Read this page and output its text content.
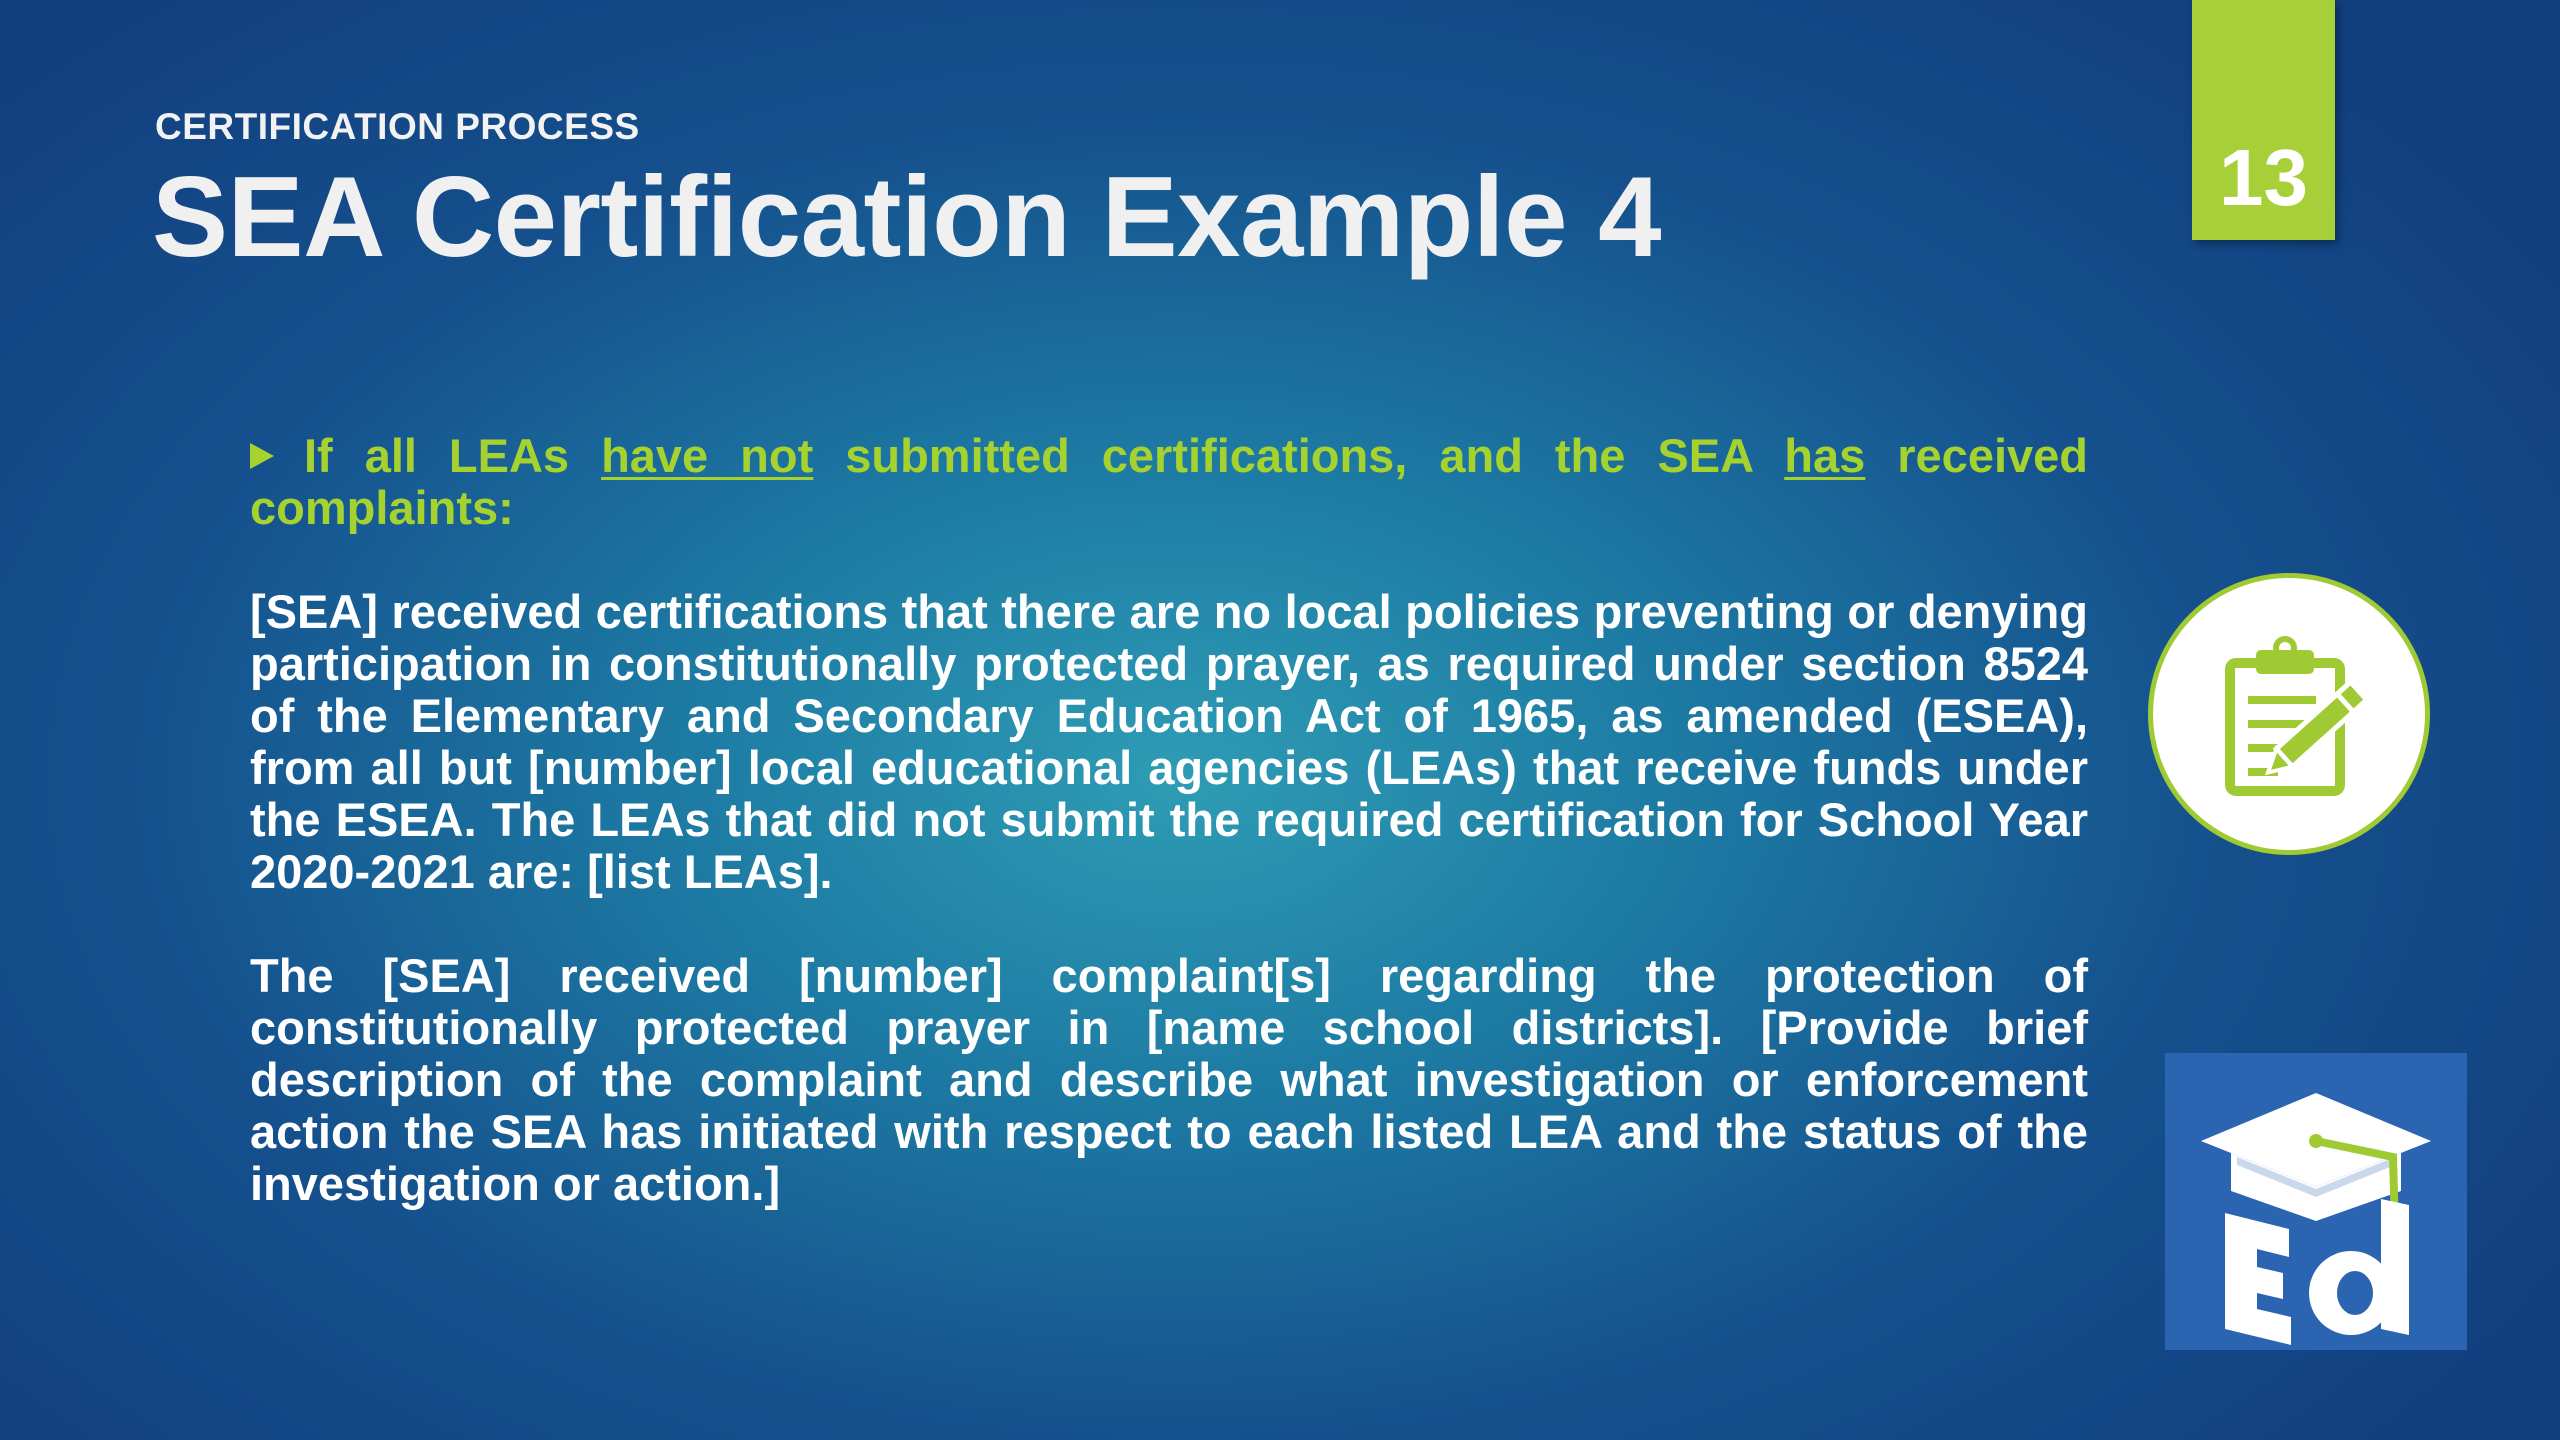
CERTIFICATION PROCESS
SEA Certification Example 4	13
If all LEAs have not submitted certifications, and the SEA has received complaints:
[SEA] received certifications that there are no local policies preventing or denying participation in constitutionally protected prayer, as required under section 8524 of the Elementary and Secondary Education Act of 1965, as amended (ESEA), from all but [number] local educational agencies (LEAs) that receive funds under the ESEA. The LEAs that did not submit the required certification for School Year 2020-2021 are: [list LEAs].
The [SEA] received [number] complaint[s] regarding the protection of constitutionally protected prayer in [name school districts]. [Provide brief description of the complaint and describe what investigation or enforcement action the SEA has initiated with respect to each listed LEA and the status of the investigation or action.]
